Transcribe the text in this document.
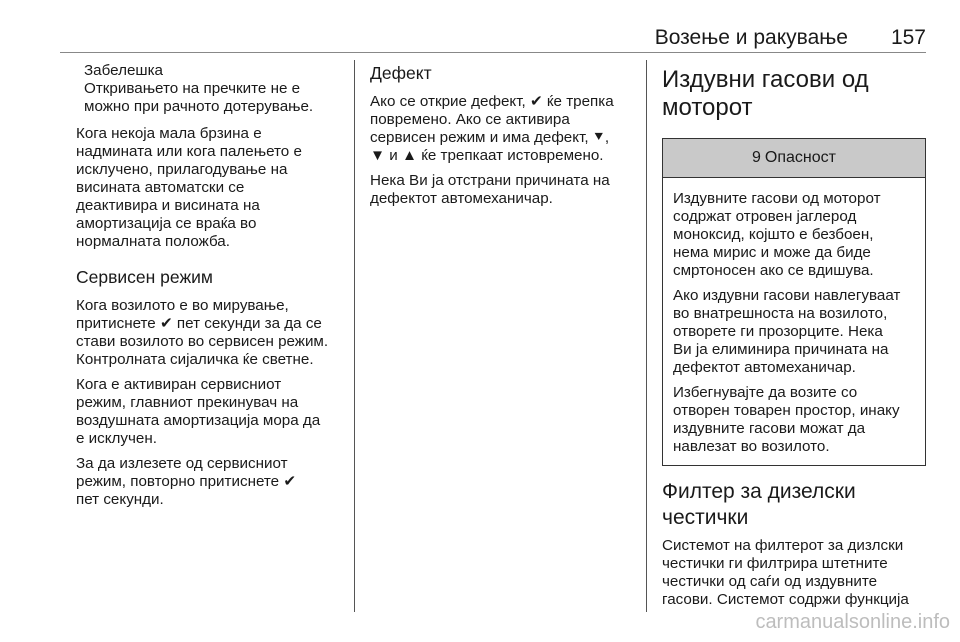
Возење и ракување 157
Забелешка
Откривањето на пречките не е
можно при рачното дотерување.
Кога некоја мала брзина е
надмината или кога палењето е
исклучено, прилагодување на
висината автоматски се
деактивира и висината на
амортизација се враќа во
нормалната положба.
Сервисен режим
Кога возилото е во мирување,
притиснете ✔ пет секунди за да се
стави возилото во сервисен режим.
Контролната сијаличка ќе светне.
Кога е активиран сервисниот
режим, главниот прекинувач на
воздушната амортизација мора да
е исклучен.
За да излезете од сервисниот
режим, повторно притиснете ✔
пет секунди.
Дефект
Ако се открие дефект, ✔ ќе трепка
повремено. Ако се активира
сервисен режим и има дефект, ⯆,
▼ и ▲ ќе трепкаат истовремено.
Нека Ви ја отстрани причината на
дефектот автомеханичар.
Издувни гасови од
моторот
9 Опасност
Издувните гасови од моторот
содржат отровен јаглерод
моноксид, којшто е безбоен,
нема мирис и може да биде
смртоносен ако се вдишува.
Ако издувни гасови навлегуваат
во внатрешноста на возилото,
отворете ги прозорците. Нека
Ви ја елиминира причината на
дефектот автомеханичар.
Избегнувајте да возите со
отворен товарен простор, инаку
издувните гасови можат да
навлезат во возилото.
Филтер за дизелски
честички
Системот на филтерот за дизлски
честички ги филтрира штетните
честички од саѓи од издувните
гасови. Системот содржи функција
carmanualsonline.info
